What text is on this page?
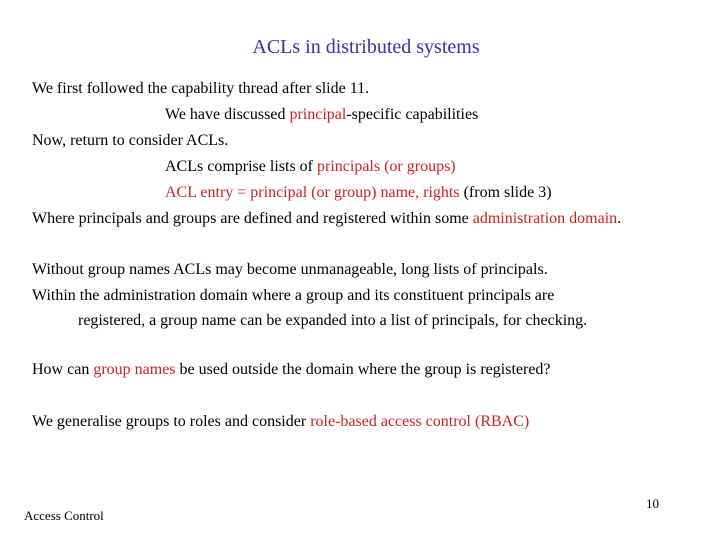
ACLs in distributed systems
We first followed the capability thread after slide 11.
We have discussed principal-specific capabilities
Now, return to consider ACLs.
ACLs comprise lists of principals (or groups)
ACL entry = principal (or group) name, rights (from slide 3)
Where principals and groups are defined and registered within some administration domain.
Without group names ACLs may become unmanageable, long lists of principals.
Within the administration domain where a group and its constituent principals are
registered, a group name can be expanded into a list of principals, for checking.
How can group names be used outside the domain where the group is registered?
We generalise groups to roles and consider role-based access control (RBAC)
Access Control
10
